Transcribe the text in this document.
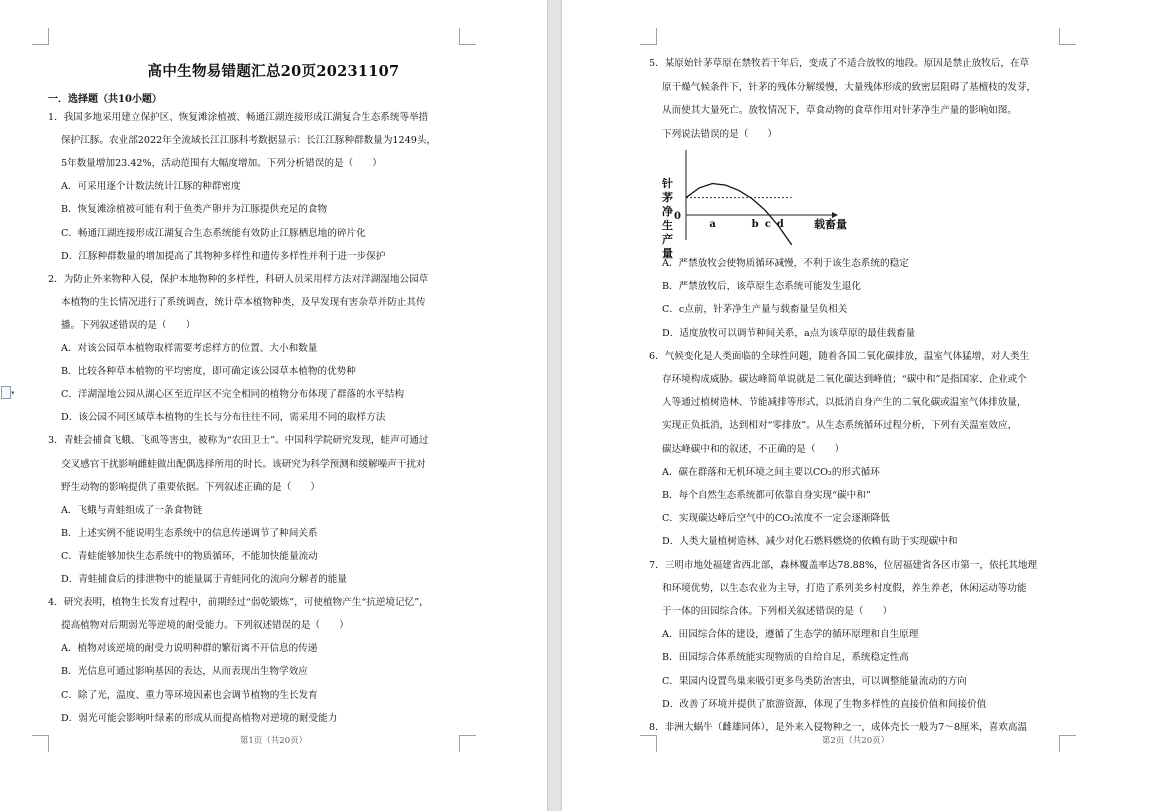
高中生物易错题汇总20页20231107
一．选择题（共10小题）
1．我国多地采用建立保护区、恢复滩涂植被、畅通江湖连接形成江湖复合生态系统等举措
保护江豚。农业部2022年全流域长江江豚科考数据显示：长江江豚种群数量为1249头，
5年数量增加23.42%，活动范围有大幅度增加。下列分析错误的是（　　）
A．可采用逐个计数法统计江豚的种群密度
B．恢复滩涂植被可能有利于鱼类产卵并为江豚提供充足的食物
C．畅通江湖连接形成江湖复合生态系统能有效防止江豚栖息地的碎片化
D．江豚种群数量的增加提高了其物种多样性和遗传多样性并利于进一步保护
2．为防止外来物种入侵，保护本地物种的多样性，科研人员采用样方法对洋湖湿地公园草
本植物的生长情况进行了系统调查，统计草本植物种类，及早发现有害杂草并防止其传
播。下列叙述错误的是（　　）
A．对该公园草本植物取样需要考虑样方的位置、大小和数量
B．比较各种草本植物的平均密度，即可确定该公园草本植物的优势种
C．洋湖湿地公园从湖心区至近岸区不完全相同的植物分布体现了群落的水平结构
D．该公园不同区域草本植物的生长与分布往往不同，需采用不同的取样方法
3．青蛙会捕食飞蛾、飞虱等害虫，被称为“农田卫士”。中国科学院研究发现，蛙声可通过
交叉感官干扰影响雌蛙做出配偶选择所用的时长。该研究为科学预测和缓解噪声干扰对
野生动物的影响提供了重要依据。下列叙述正确的是（　　）
A．飞蛾与青蛙组成了一条食物链
B．上述实例不能说明生态系统中的信息传递调节了种间关系
C．青蛙能够加快生态系统中的物质循环，不能加快能量流动
D．青蛙捕食后的排泄物中的能量属于青蛙同化的流向分解者的能量
4．研究表明，植物生长发育过程中，前期经过“弱乾锻炼”，可使植物产生“抗逆境记忆”，
提高植物对后期弱光等逆境的耐受能力。下列叙述错误的是（　　）
A．植物对该逆境的耐受力说明种群的繁衍离不开信息的传递
B．光信息可通过影响基因的表达，从而表现出生物学效应
C．除了光，温度、重力等环境因素也会调节植物的生长发育
D．弱光可能会影响叶绿素的形成从而提高植物对逆境的耐受能力
第1页（共20页）
▾
5．某原始针茅草原在禁牧若干年后，变成了不适合放牧的地段。原因是禁止放牧后，在草
原干燥气候条件下，针茅的残体分解缓慢，大量残体形成的致密层阻碍了基檀枝的发芽，
从而使其大量死亡。放牧情况下，草食动物的食草作用对针茅净生产量的影响如图。
下列说法错误的是（　　）
0
a	b c d	载畜量
针
茅
净
生
产
量
A．严禁放牧会使物质循环减慢，不利于该生态系统的稳定
B．严禁放牧后，该草原生态系统可能发生退化
C．c点前，针茅净生产量与载畜量呈负相关
D．适度放牧可以调节种间关系，a点为该草原的最佳载畜量
6．气候变化是人类面临的全球性问题，随着各国二氧化碳排放，温室气体猛增，对人类生
存环境构成威胁。碳达峰简单说就是二氧化碳达到峰值；“碳中和”是指国家、企业或个
人等通过植树造林、节能减排等形式，以抵消自身产生的二氧化碳或温室气体排放量，
实现正负抵消，达到相对“零排放”。从生态系统循环过程分析，下列有关温室效应，
碳达峰碳中和的叙述，不正确的是（　　）
A．碳在群落和无机环境之间主要以CO₂的形式循环
B．每个自然生态系统都可依靠自身实现“碳中和”
C．实现碳达峰后空气中的CO₂浓度不一定会逐渐降低
D．人类大量植树造林、减少对化石燃料燃烧的依赖有助于实现碳中和
7．三明市地处福建省西北部，森林覆盖率达78.88%，位居福建省各区市第一，依托其地理
和环境优势，以生态农业为主导，打造了系列美乡村度假，养生养老，休闲运动等功能
于一体的田园综合体。下列相关叙述错误的是（　　）
A．田园综合体的建设，遵循了生态学的循环原理和自生原理
B．田园综合体系统能实现物质的自给自足，系统稳定性高
C．果园内设置鸟巢来吸引更多鸟类防治害虫，可以调整能量流动的方向
D．改善了环境并提供了旅游资源，体现了生物多样性的直接价值和间接价值
8．非洲大蜗牛（雌雄同体），是外来入侵物种之一，成体壳长一般为7～8厘米，喜欢高温
第2页（共20页）
